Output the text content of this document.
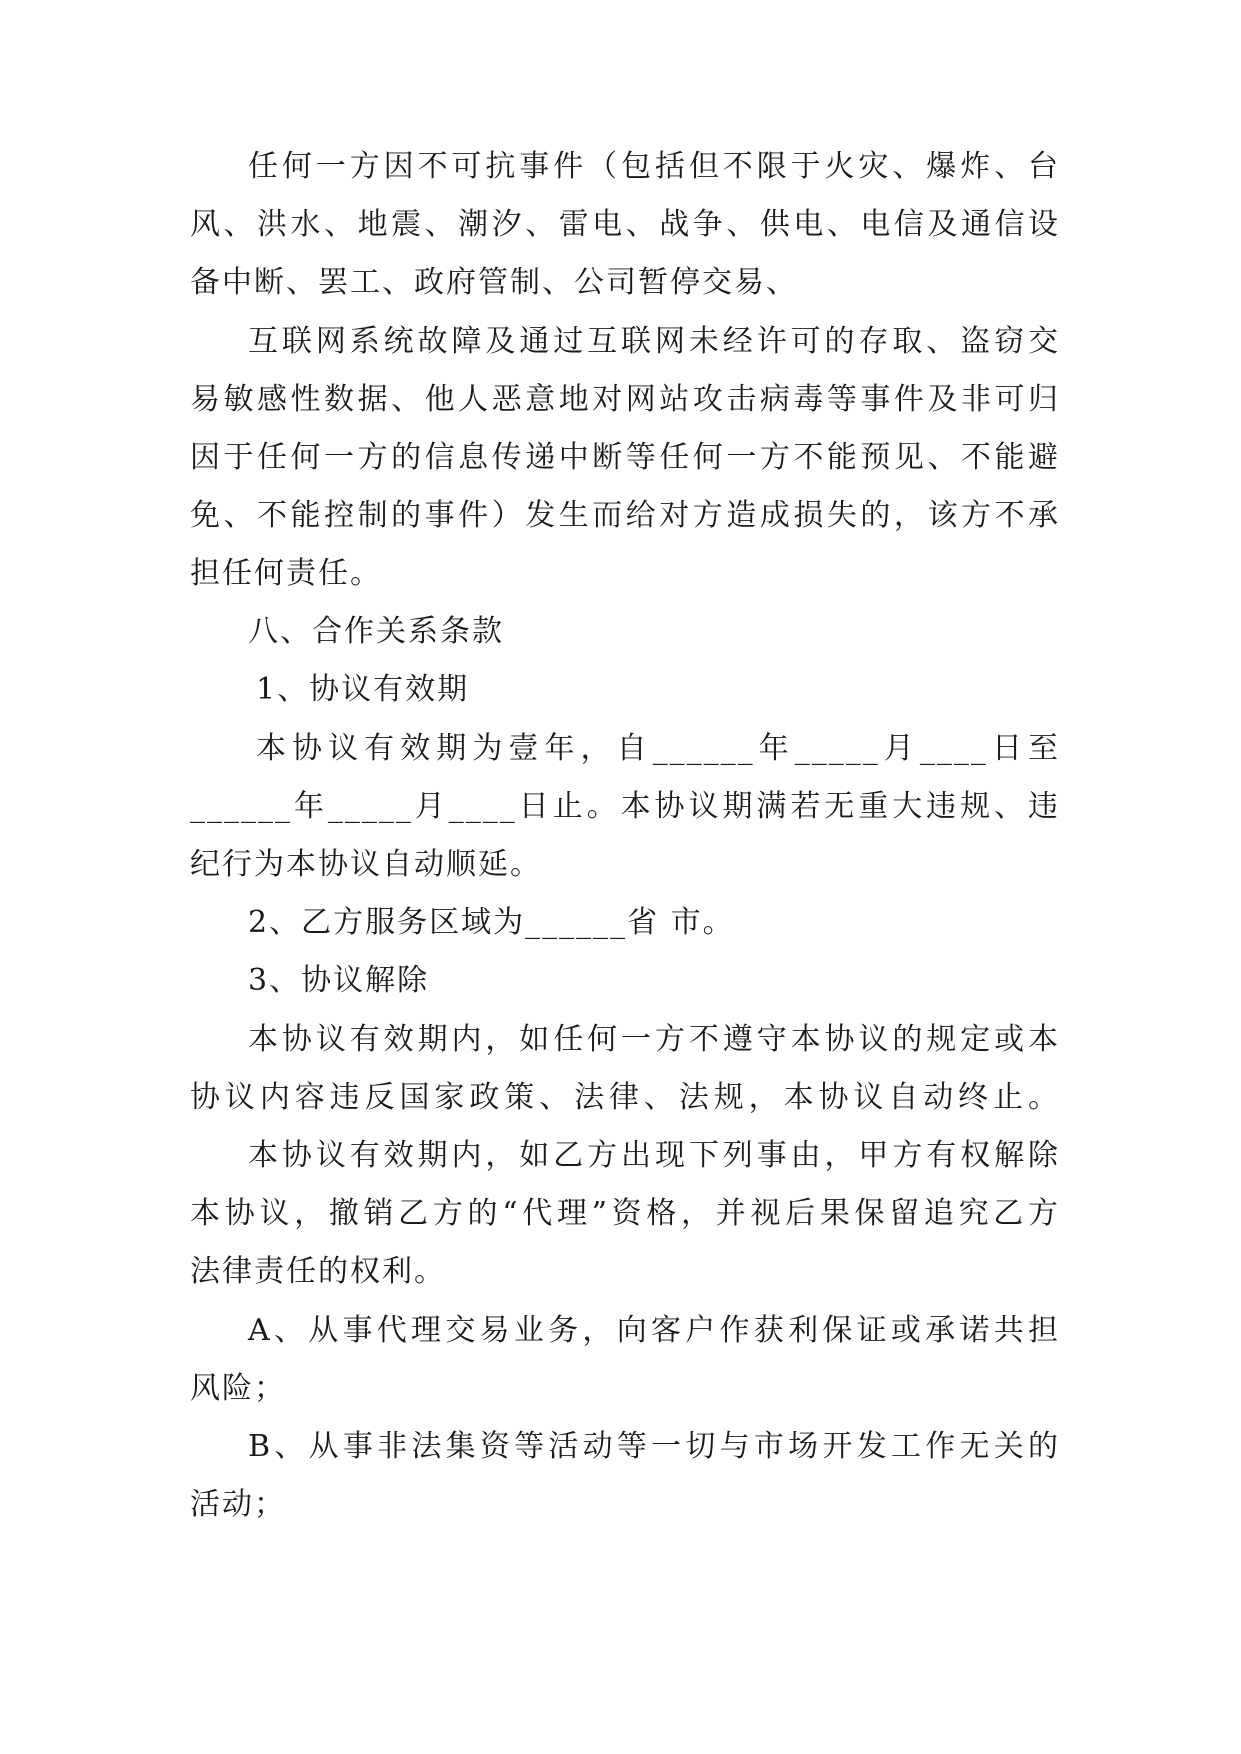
任何一方因不可抗事件（包括但不限于火灾、爆炸、台
风、洪水、地震、潮汐、雷电、战争、供电、电信及通信设
备中断、罢工、政府管制、公司暂停交易、
互联网系统故障及通过互联网未经许可的存取、盗窃交
易敏感性数据、他人恶意地对网站攻击病毒等事件及非可归
因于任何一方的信息传递中断等任何一方不能预见、不能避
免、不能控制的事件）发生而给对方造成损失的，该方不承
担任何责任。
八、合作关系条款
1、协议有效期
本协议有效期为壹年，自______年_____月____日至
______年_____月____日止。本协议期满若无重大违规、违
纪行为本协议自动顺延。
2、乙方服务区域为______省 市。
3、协议解除
本协议有效期内，如任何一方不遵守本协议的规定或本
协议内容违反国家政策、法律、法规，本协议自动终止。
本协议有效期内，如乙方出现下列事由，甲方有权解除
本协议，撤销乙方的“代理”资格，并视后果保留追究乙方
法律责任的权利。
A、从事代理交易业务，向客户作获利保证或承诺共担
风险；
B、从事非法集资等活动等一切与市场开发工作无关的
活动；
